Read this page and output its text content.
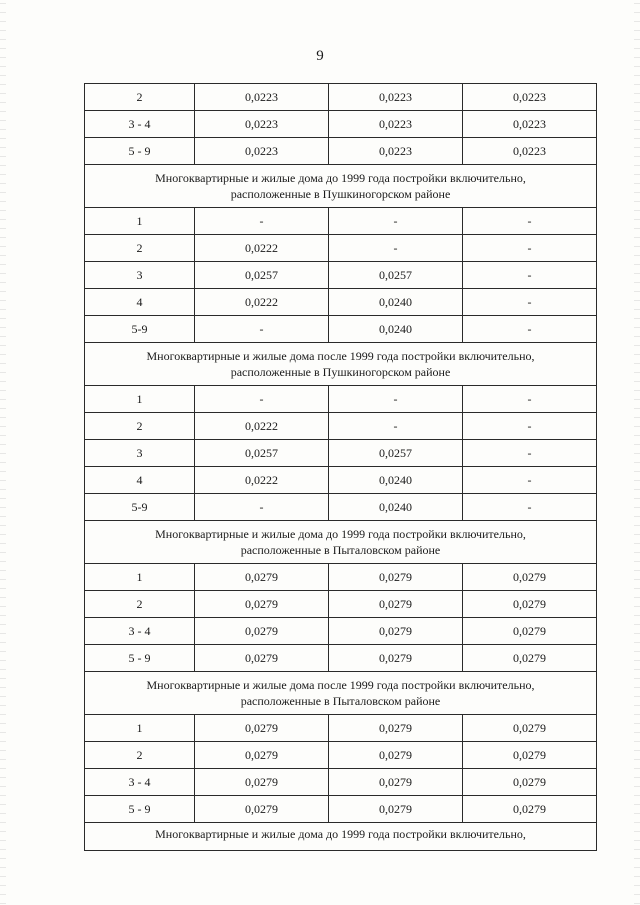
9
2	0,0223	0,0223	0,0223
3 - 4	0,0223	0,0223	0,0223
5 - 9	0,0223	0,0223	0,0223

Многоквартирные и жилые дома до 1999 года постройки включительно,
расположенные в Пушкиногорском районе			

1	-	-	-
2	0,0222	-	-
3	0,0257	0,0257	-
4	0,0222	0,0240	-
5-9	-	0,0240	-

Многоквартирные и жилые дома после 1999 года постройки включительно,
расположенные в Пушкиногорском районе			

1	-	-	-
2	0,0222	-	-
3	0,0257	0,0257	-
4	0,0222	0,0240	-
5-9	-	0,0240	-

Многоквартирные и жилые дома до 1999 года постройки включительно,
расположенные в Пыталовском районе			

1	0,0279	0,0279	0,0279
2	0,0279	0,0279	0,0279
3 - 4	0,0279	0,0279	0,0279
5 - 9	0,0279	0,0279	0,0279

Многоквартирные и жилые дома после 1999 года постройки включительно,
расположенные в Пыталовском районе			

1	0,0279	0,0279	0,0279
2	0,0279	0,0279	0,0279
3 - 4	0,0279	0,0279	0,0279
5 - 9	0,0279	0,0279	0,0279

Многоквартирные и жилые дома до 1999 года постройки включительно,			
